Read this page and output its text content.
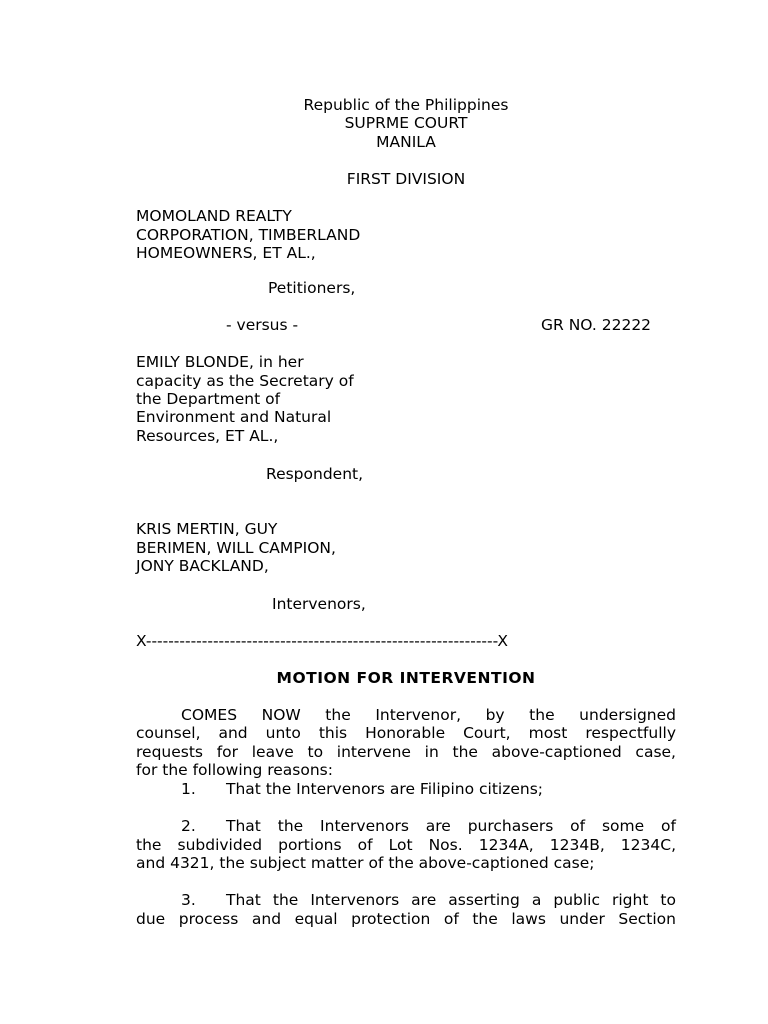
Republic of the Philippines
SUPRME COURT
MANILA
FIRST DIVISION
MOMOLAND REALTY
CORPORATION, TIMBERLAND
HOMEOWNERS, ET AL.,
Petitioners,
- versus -	GR NO. 22222
EMILY BLONDE, in her
capacity as the Secretary of
the Department of
Environment and Natural
Resources, ET AL.,
Respondent,
KRIS MERTIN, GUY
BERIMEN, WILL CAMPION,
JONY BACKLAND,
Intervenors,
X---------------------------------------------------------------X
MOTION FOR INTERVENTION
COMES NOW the Intervenor, by the undersigned
counsel, and unto this Honorable Court, most respectfully
requests for leave to intervene in the above-captioned case,
for the following reasons:
1. That the Intervenors are Filipino citizens;
2. That the Intervenors are purchasers of some of
the subdivided portions of Lot Nos. 1234A, 1234B, 1234C,
and 4321, the subject matter of the above-captioned case;
3. That the Intervenors are asserting a public right to
due process and equal protection of the laws under Section
